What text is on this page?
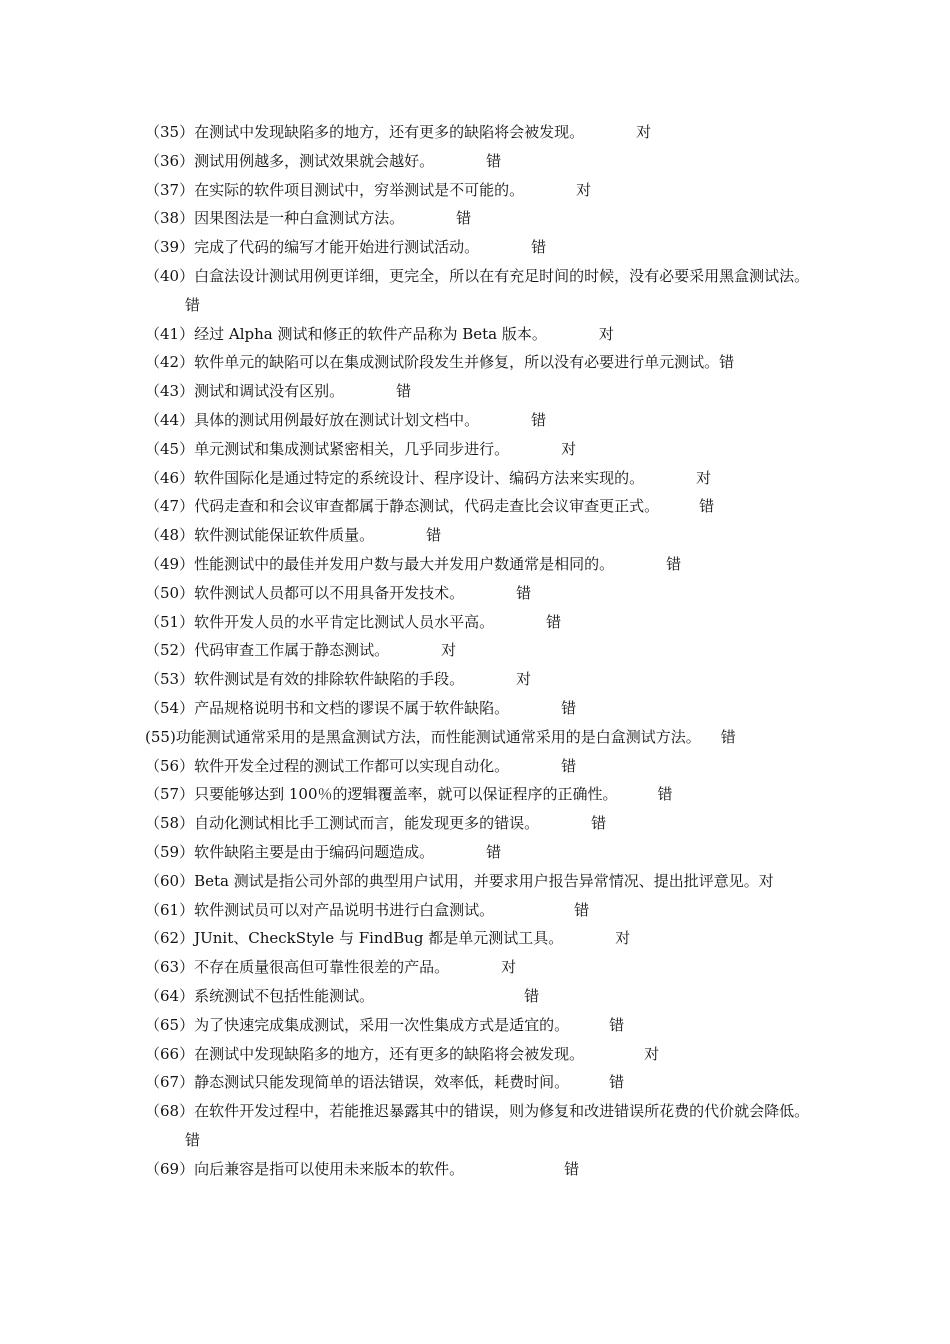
（35）在测试中发现缺陷多的地方，还有更多的缺陷将会被发现。	对

（36）测试用例越多，测试效果就会越好。	错

（37）在实际的软件项目测试中，穷举测试是不可能的。	对

（38）因果图法是一种白盒测试方法。	错

（39）完成了代码的编写才能开始进行测试活动。	错

（40）白盒法设计测试用例更详细，更完全，所以在有充足时间的时候，没有必要采用黑盒测试法。错

（41）经过 Alpha 测试和修正的软件产品称为 Beta 版本。	对

（42）软件单元的缺陷可以在集成测试阶段发生并修复，所以没有必要进行单元测试。错

（43）测试和调试没有区别。	错

（44）具体的测试用例最好放在测试计划文档中。	错

（45）单元测试和集成测试紧密相关，几乎同步进行。	对

（46）软件国际化是通过特定的系统设计、程序设计、编码方法来实现的。	对

（47）代码走查和和会议审查都属于静态测试，代码走查比会议审查更正式。	错

（48）软件测试能保证软件质量。	错

（49）性能测试中的最佳并发用户数与最大并发用户数通常是相同的。	错

（50）软件测试人员都可以不用具备开发技术。	错

（51）软件开发人员的水平肯定比测试人员水平高。	错

（52）代码审查工作属于静态测试。	对

（53）软件测试是有效的排除软件缺陷的手段。	对

（54）产品规格说明书和文档的谬误不属于软件缺陷。	错

(55)功能测试通常采用的是黑盒测试方法，而性能测试通常采用的是白盒测试方法。 错

（56）软件开发全过程的测试工作都可以实现自动化。	错

（57）只要能够达到 100％的逻辑覆盖率，就可以保证程序的正确性。	错

（58）自动化测试相比手工测试而言，能发现更多的错误。	错

（59）软件缺陷主要是由于编码问题造成。	错

（60）Beta 测试是指公司外部的典型用户试用，并要求用户报告异常情况、提出批评意见。对

（61）软件测试员可以对产品说明书进行白盒测试。	错

（62）JUnit、CheckStyle 与 FindBug 都是单元测试工具。	对

（63）不存在质量很高但可靠性很差的产品。	对

（64）系统测试不包括性能测试。	错

（65）为了快速完成集成测试，采用一次性集成方式是适宜的。	错

（66）在测试中发现缺陷多的地方，还有更多的缺陷将会被发现。	对

（67）静态测试只能发现简单的语法错误，效率低，耗费时间。	错

（68）在软件开发过程中，若能推迟暴露其中的错误，则为修复和改进错误所花费的代价就会降低。错

（69）向后兼容是指可以使用未来版本的软件。	错
